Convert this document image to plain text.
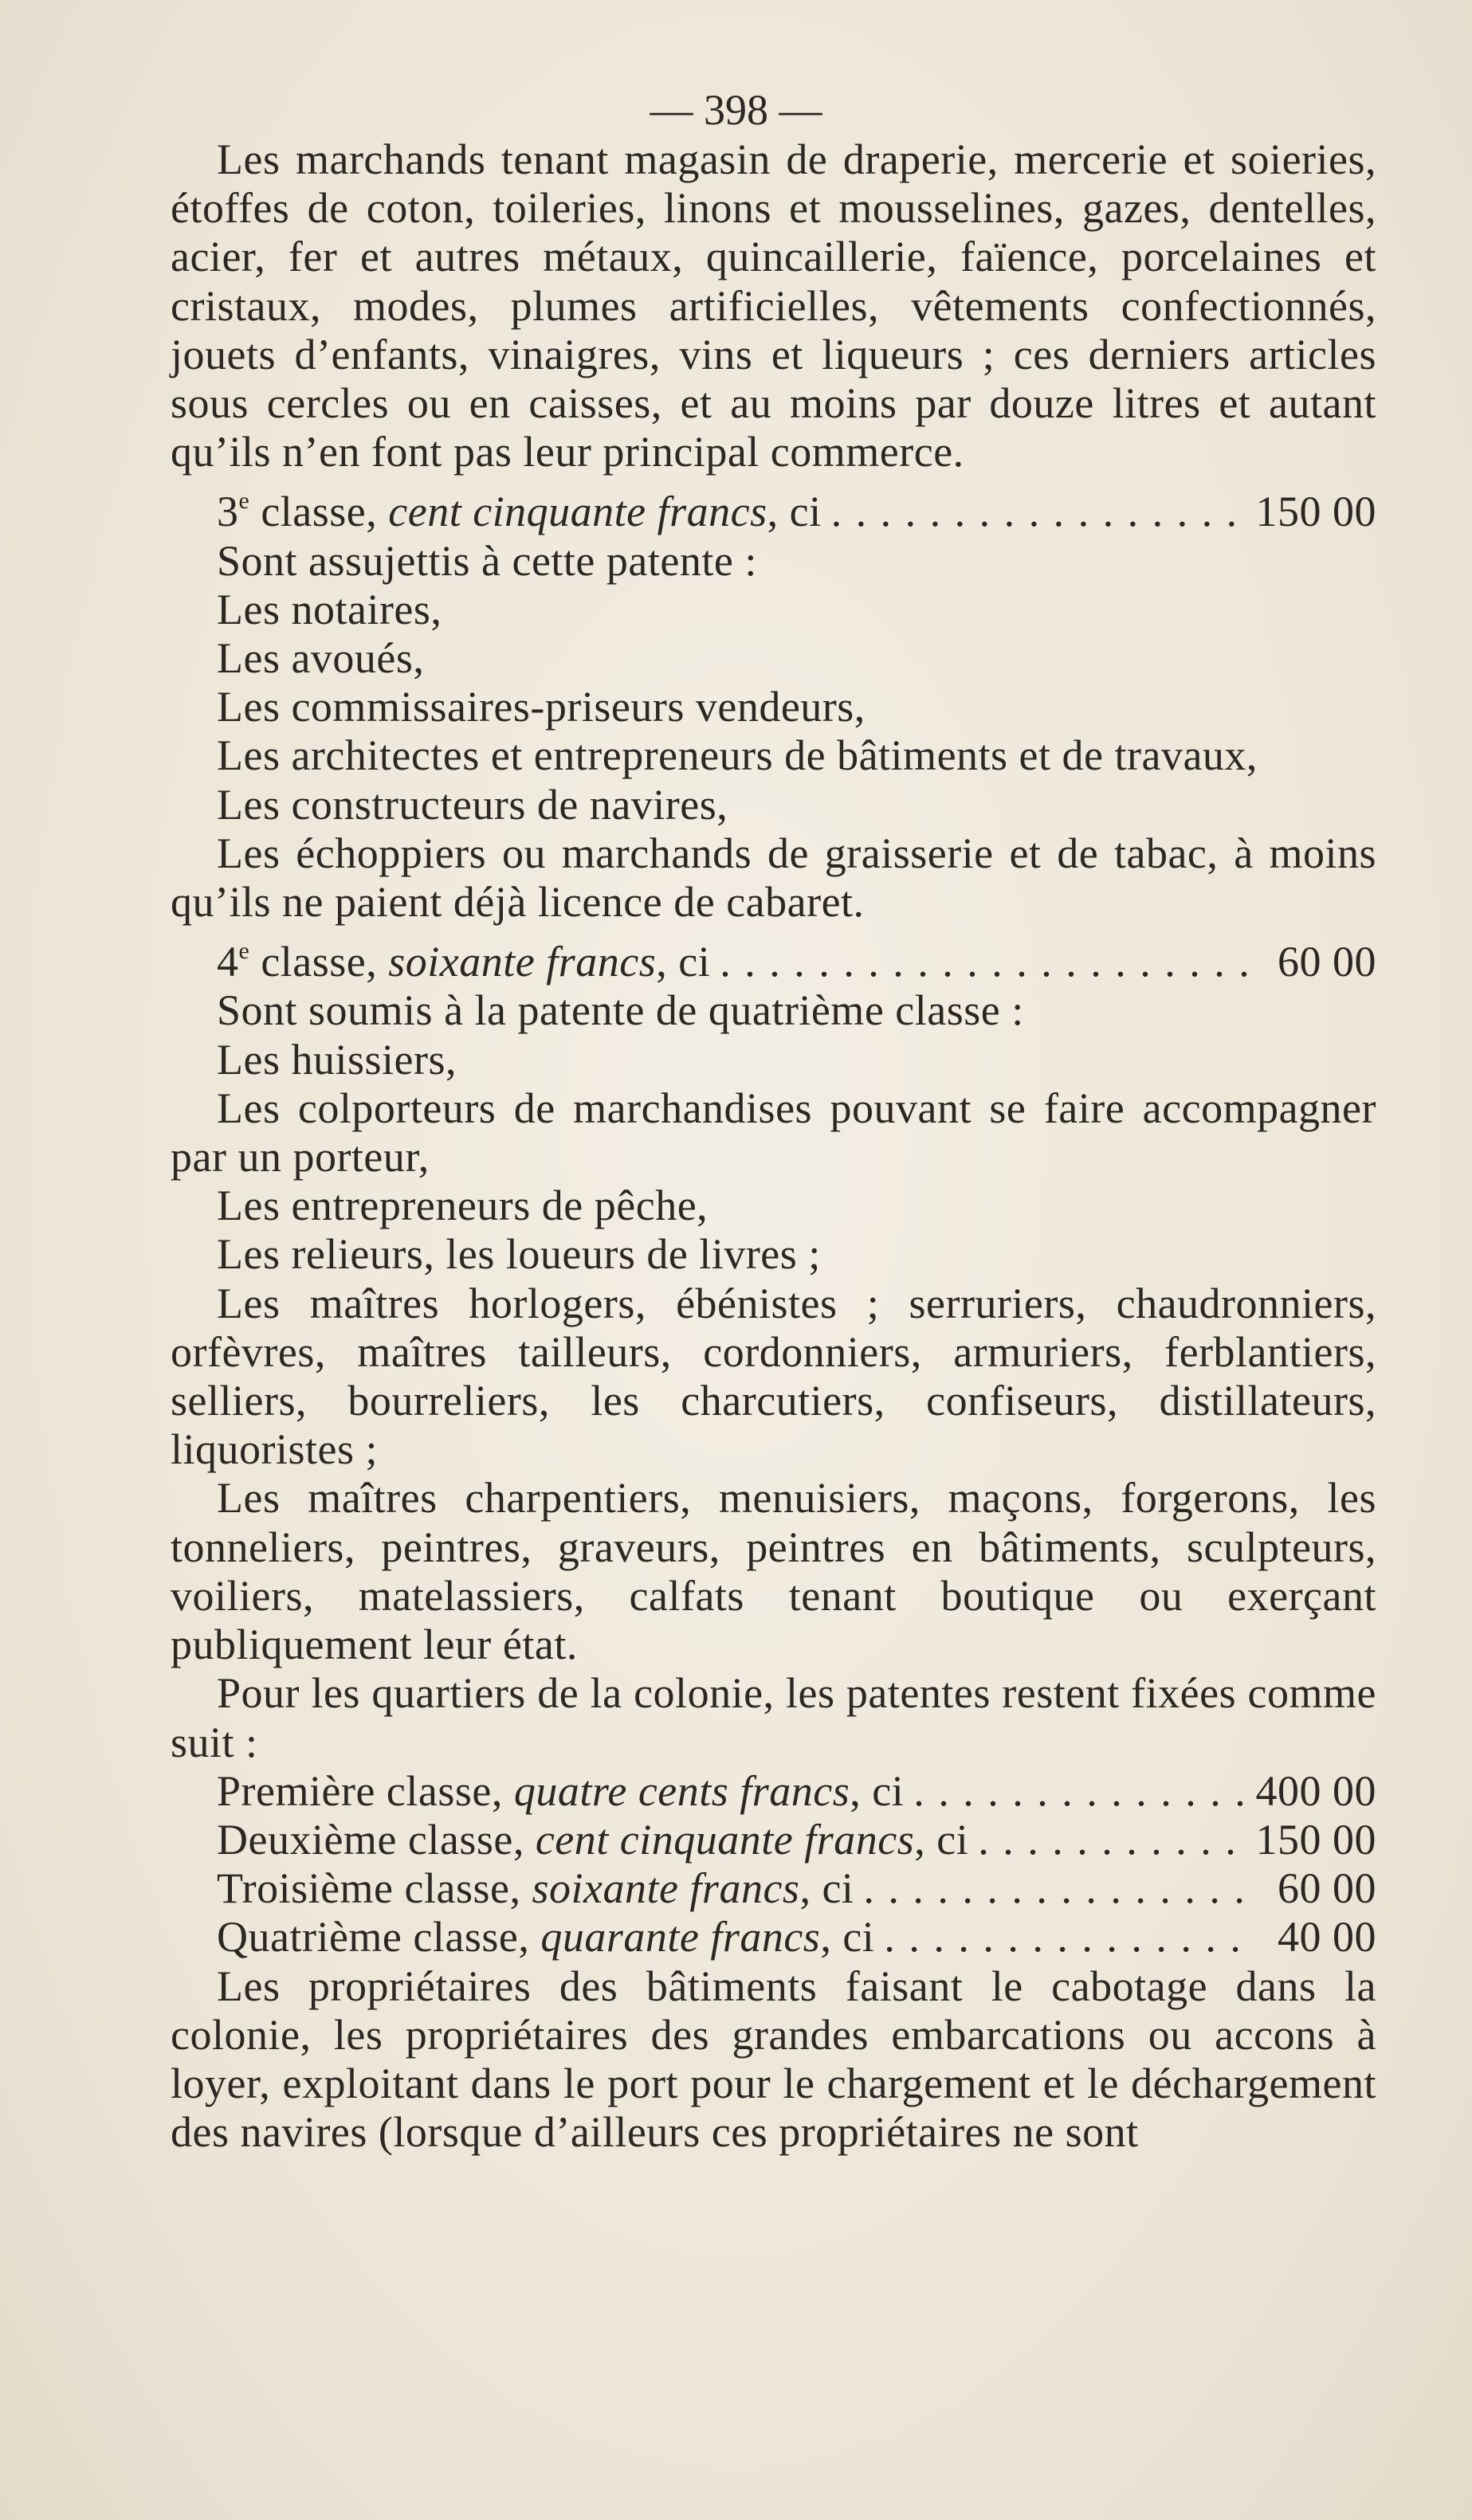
— 398 —

Les marchands tenant magasin de draperie, mercerie et soieries, étoffes de coton, toileries, linons et mousselines, gazes, dentelles, acier, fer et autres métaux, quincaillerie, faïence, porcelaines et cristaux, modes, plumes artificielles, vêtements confectionnés, jouets d’enfants, vinaigres, vins et liqueurs ; ces derniers articles sous cercles ou en caisses, et au moins par douze litres et autant qu’ils n’en font pas leur principal commerce.

3e classe, cent cinquante francs, ci . . .	150 00

Sont assujettis à cette patente :

Les notaires,

Les avoués,

Les commissaires-priseurs vendeurs,

Les architectes et entrepreneurs de bâtiments et de travaux,

Les constructeurs de navires,

Les échoppiers ou marchands de graisserie et de tabac, à moins qu’ils ne paient déjà licence de cabaret.

4e classe, soixante francs, ci . . .	60 00

Sont soumis à la patente de quatrième classe :

Les huissiers,

Les colporteurs de marchandises pouvant se faire accompagner par un porteur,

Les entrepreneurs de pêche,

Les relieurs, les loueurs de livres ;

Les maîtres horlogers, ébénistes ; serruriers, chaudronniers, orfèvres, maîtres tailleurs, cordonniers, armuriers, ferblantiers, selliers, bourreliers, les charcutiers, confiseurs, distillateurs, liquoristes ;

Les maîtres charpentiers, menuisiers, maçons, forgerons, les tonneliers, peintres, graveurs, peintres en bâtiments, sculpteurs, voiliers, matelassiers, calfats tenant boutique ou exerçant publiquement leur état.

Pour les quartiers de la colonie, les patentes restent fixées comme suit :

Première classe, quatre cents francs, ci . . .	400 00
Deuxième classe, cent cinquante francs, ci . . .	150 00
Troisième classe, soixante francs, ci . . .	60 00
Quatrième classe, quarante francs, ci . . .	40 00

Les propriétaires des bâtiments faisant le cabotage dans la colonie, les propriétaires des grandes embarcations ou accons à loyer, exploitant dans le port pour le chargement et le déchargement des navires (lorsque d’ailleurs ces propriétaires ne sont
